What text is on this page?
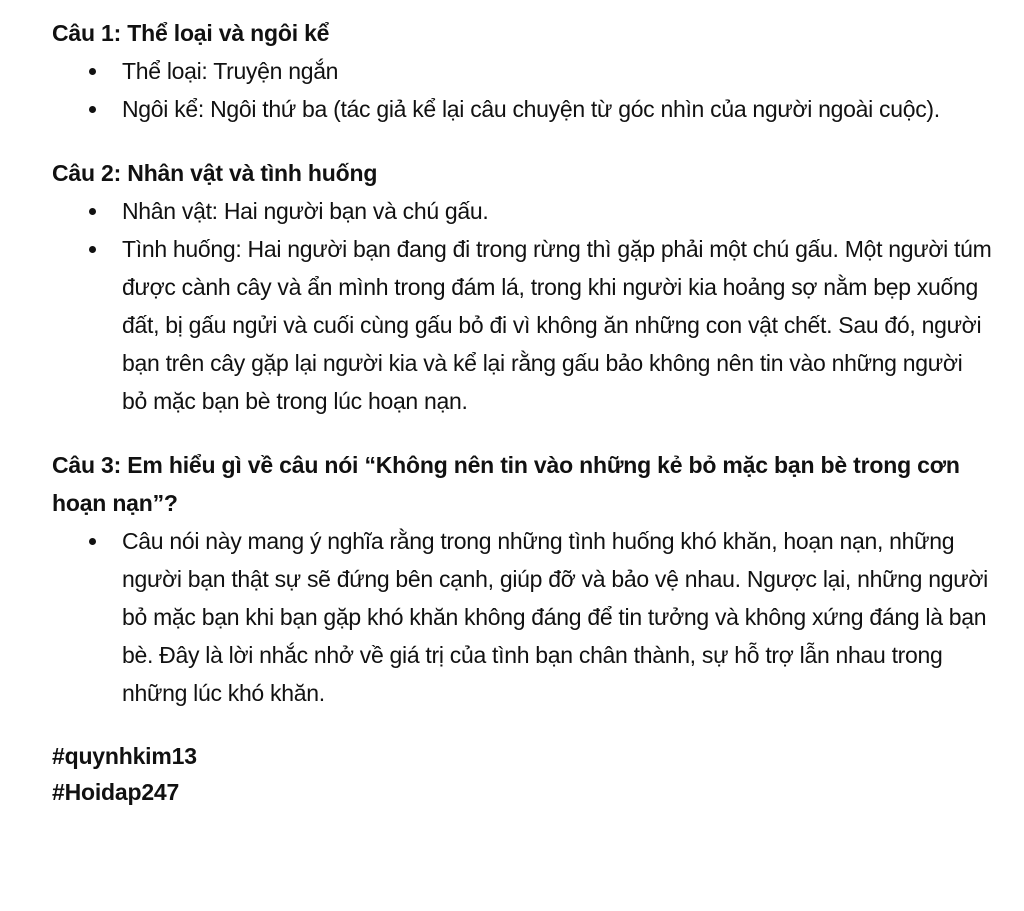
Câu 1: Thể loại và ngôi kể
Thể loại: Truyện ngắn
Ngôi kể: Ngôi thứ ba (tác giả kể lại câu chuyện từ góc nhìn của người ngoài cuộc).
Câu 2: Nhân vật và tình huống
Nhân vật: Hai người bạn và chú gấu.
Tình huống: Hai người bạn đang đi trong rừng thì gặp phải một chú gấu. Một người túm được cành cây và ẩn mình trong đám lá, trong khi người kia hoảng sợ nằm bẹp xuống đất, bị gấu ngửi và cuối cùng gấu bỏ đi vì không ăn những con vật chết. Sau đó, người bạn trên cây gặp lại người kia và kể lại rằng gấu bảo không nên tin vào những người bỏ mặc bạn bè trong lúc hoạn nạn.
Câu 3: Em hiểu gì về câu nói “Không nên tin vào những kẻ bỏ mặc bạn bè trong cơn hoạn nạn”?
Câu nói này mang ý nghĩa rằng trong những tình huống khó khăn, hoạn nạn, những người bạn thật sự sẽ đứng bên cạnh, giúp đỡ và bảo vệ nhau. Ngược lại, những người bỏ mặc bạn khi bạn gặp khó khăn không đáng để tin tưởng và không xứng đáng là bạn bè. Đây là lời nhắc nhở về giá trị của tình bạn chân thành, sự hỗ trợ lẫn nhau trong những lúc khó khăn.
#quynhkim13
#Hoidap247
